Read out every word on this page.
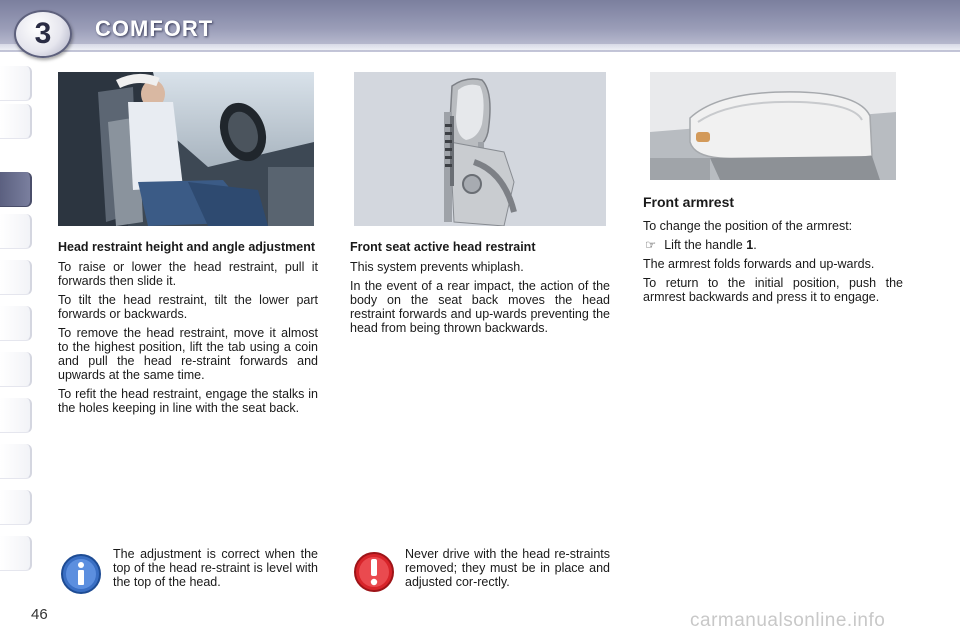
3	COMFORT

Head restraint height and angle adjustment

To raise or lower the head restraint, pull it forwards then slide it.

To tilt the head restraint, tilt the lower part forwards or backwards.

To remove the head restraint, move it almost to the highest position, lift the tab using a coin and pull the head re-straint forwards and upwards at the same time.

To refit the head restraint, engage the stalks in the holes keeping in line with the seat back.

Front seat active head restraint

This system prevents whiplash.

In the event of a rear impact, the action of the body on the seat back moves the head restraint forwards and up-wards preventing the head from being thrown backwards.

Front armrest

To change the position of the armrest:

☞ Lift the handle 1.

The armrest folds forwards and up-wards.

To return to the initial position, push the armrest backwards and press it to engage.

The adjustment is correct when the top of the head re-straint is level with the top of the head.
Never drive with the head re-straints removed; they must be in place and adjusted cor-rectly.
46	carmanualsonline.info
